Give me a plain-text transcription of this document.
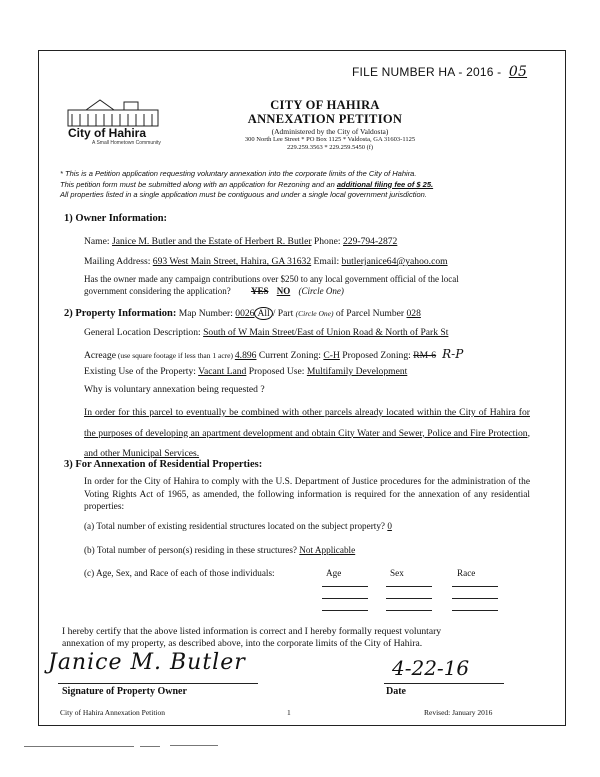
FILE NUMBER HA - 2016 - 05
City of Hahira
A Small Hometown Community
CITY OF HAHIRA
ANNEXATION PETITION
(Administered by the City of Valdosta)
300 North Lee Street * PO Box 1125 * Valdosta, GA 31603-1125
229.259.3563 * 229.259.5450 (f)
* This is a Petition application requesting voluntary annexation into the corporate limits of the City of Hahira.
This petition form must be submitted along with an application for Rezoning and an additional filing fee of $ 25.
All properties listed in a single application must be contiguous and under a single local government jurisdiction.
1) Owner Information:
Name: Janice M. Butler and the Estate of Herbert R. Butler Phone: 229-794-2872
Mailing Address: 693 West Main Street, Hahira, GA 31632 Email: butlerjanice64@yahoo.com
Has the owner made any campaign contributions over $250 to any local government official of the local
government considering the application? YES NO (Circle One)
2) Property Information: Map Number: 0026 All / Part (Circle One) of Parcel Number 028
General Location Description: South of W Main Street/East of Union Road & North of Park St
Acreage (use square footage if less than 1 acre) 4.896 Current Zoning: C-H Proposed Zoning: RM-6 R-P
Existing Use of the Property: Vacant Land Proposed Use: Multifamily Development
Why is voluntary annexation being requested ?
In order for this parcel to eventually be combined with other parcels already located within the City of Hahira for the purposes of developing an apartment development and obtain City Water and Sewer, Police and Fire Protection, and other Municipal Services.
3) For Annexation of Residential Properties:
In order for the City of Hahira to comply with the U.S. Department of Justice procedures for the administration of the Voting Rights Act of 1965, as amended, the following information is required for the annexation of any residential properties:
(a) Total number of existing residential structures located on the subject property? 0
(b) Total number of person(s) residing in these structures? Not Applicable
(c) Age, Sex, and Race of each of those individuals:	Age	Sex	Race
I hereby certify that the above listed information is correct and I hereby formally request voluntary
annexation of my property, as described above, into the corporate limits of the City of Hahira.
Janice M. Butler
Signature of Property Owner
4-22-16
Date
City of Hahira Annexation Petition	1	Revised: January 2016
